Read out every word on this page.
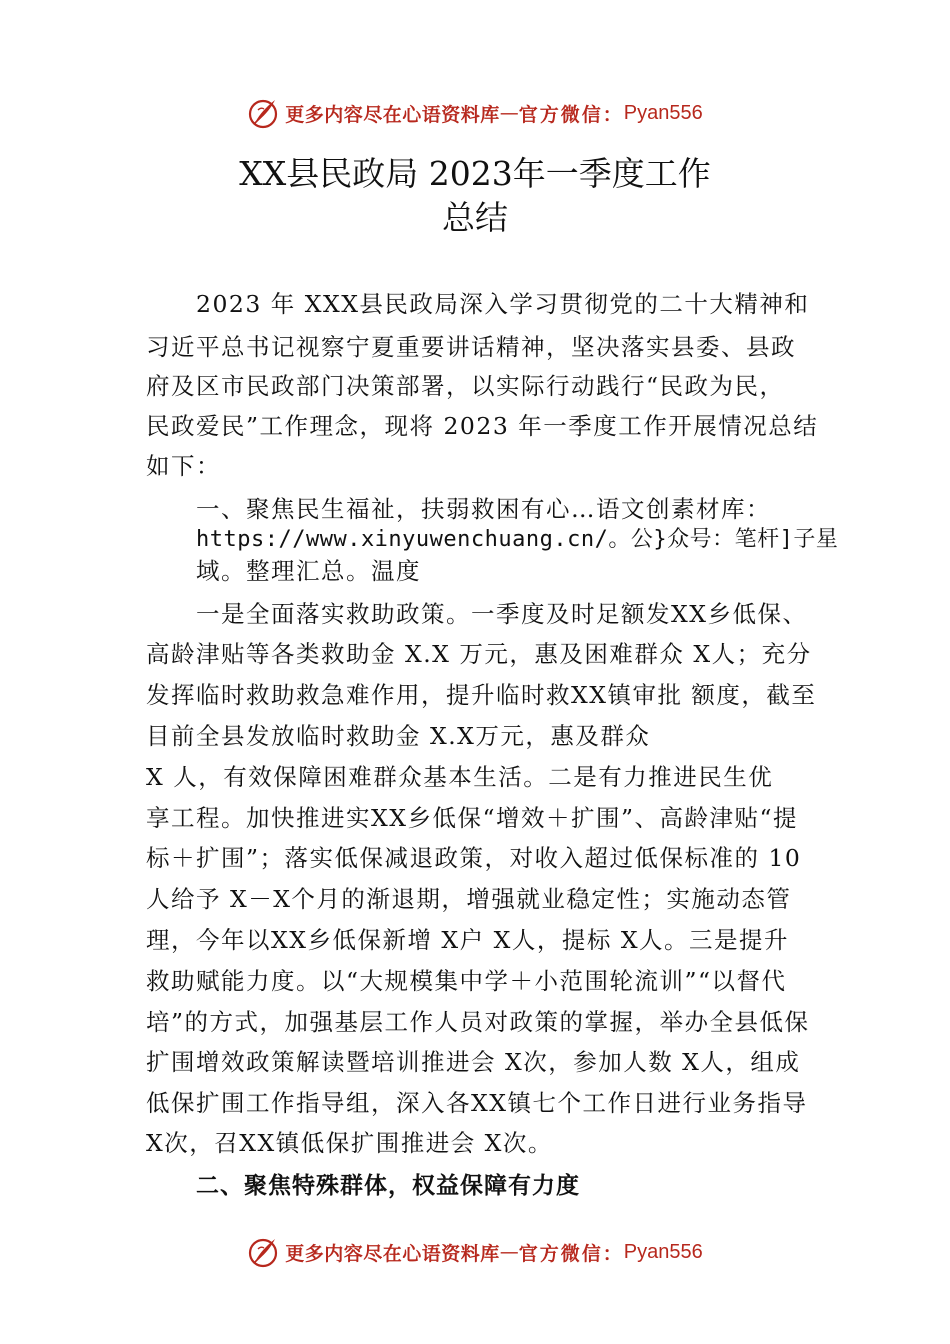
更多内容尽在心语资料库 — 官方微信： Pyan556
XX县民政局 2023年一季度工作
总结
2023 年 XXX县民政局深入学习贯彻党的二十大精神和
习近平总书记视察宁夏重要讲话精神，坚决落实县委、县政
府及区市民政部门决策部署，以实际行动践行“民政为民，
民政爱民”工作理念，现将 2023 年一季度工作开展情况总结
如下：
一、聚焦民生福祉，扶弱救困有心…语文创素材库：
https://www.xinyuwenchuang.cn/。公}众号：笔杆]子星
域。整理汇总。温度
一是全面落实救助政策。一季度及时足额发XX乡低保、
高龄津贴等各类救助金 X.X 万元，惠及困难群众 X人；充分
发挥临时救助救急难作用，提升临时救XX镇审批 额度，截至
目前全县发放临时救助金 X.X万元，惠及群众
X 人，有效保障困难群众基本生活。二是有力推进民生优
享工程。加快推进实XX乡低保“增效＋扩围”、高龄津贴“提
标＋扩围”；落实低保减退政策，对收入超过低保标准的 10
人给予 X－X个月的渐退期，增强就业稳定性；实施动态管
理，今年以XX乡低保新增 X户 X人，提标 X人。三是提升
救助赋能力度。以“大规模集中学＋小范围轮流训”“以督代
培”的方式，加强基层工作人员对政策的掌握，举办全县低保
扩围增效政策解读暨培训推进会 X次，参加人数 X人，组成
低保扩围工作指导组，深入各XX镇七个工作日进行业务指导
X次，召XX镇低保扩围推进会 X次。
二、聚焦特殊群体，权益保障有力度
更多内容尽在心语资料库 — 官方微信： Pyan556
